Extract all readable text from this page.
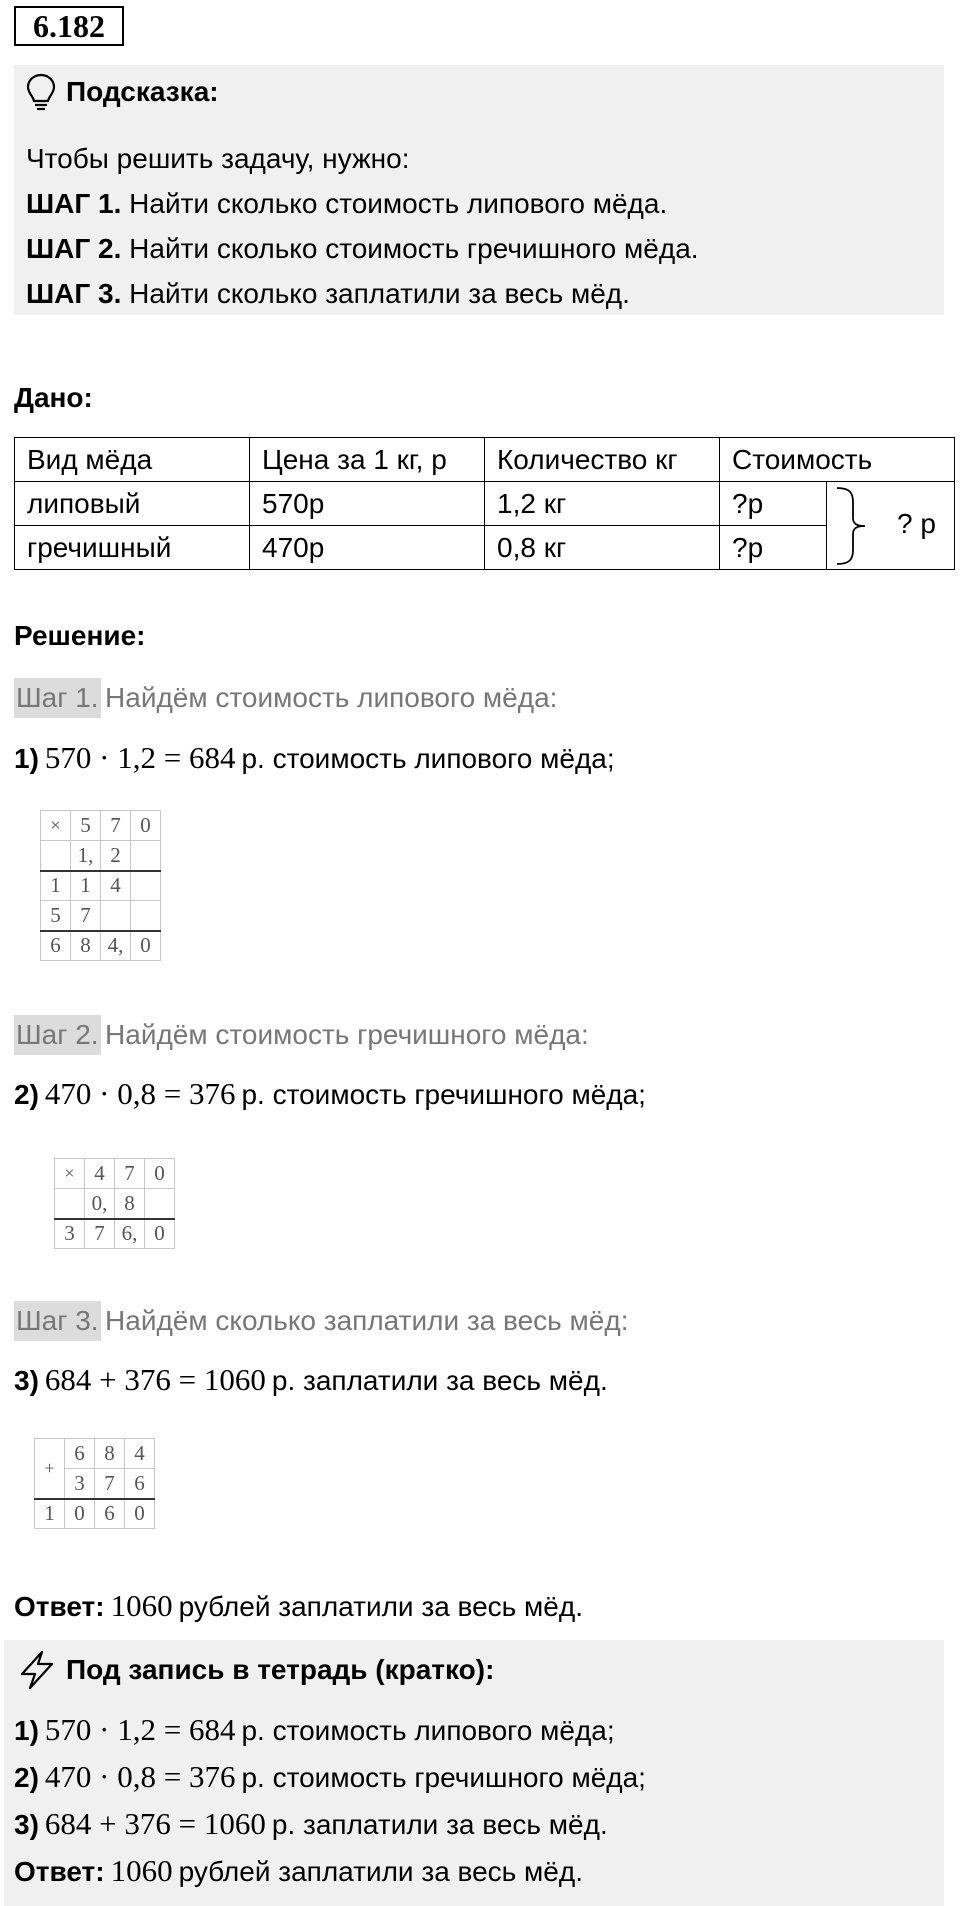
6.182
Подсказка:
Чтобы решить задачу, нужно:
ШАГ 1. Найти сколько стоимость липового мёда.
ШАГ 2. Найти сколько стоимость гречишного мёда.
ШАГ 3. Найти сколько заплатили за весь мёд.
Дано:
Вид мёда	Цена за 1 кг, р	Количество кг	Стоимость	
липовый	570р	1,2 кг	?р	? р

гречишный	470р	0,8 кг	?р	
Решение:
Шаг 1. Найдём стоимость липового мёда:
1) 570 · 1,2 = 684 р. стоимость липового мёда;
×	5	7	0
	1,	2	
1	1	4	
5	7		
6	8	4,	0
Шаг 2. Найдём стоимость гречишного мёда:
2) 470 · 0,8 = 376 р. стоимость гречишного мёда;
×	4	7	0
	0,	8	
3	7	6,	0
Шаг 3. Найдём сколько заплатили за весь мёд:
3) 684 + 376 = 1060 р. заплатили за весь мёд.
+	6	8	4
	3	7	6
1	0	6	0
Ответ: 1060 рублей заплатили за весь мёд.
Под запись в тетрадь (кратко):
1) 570 · 1,2 = 684 р. стоимость липового мёда;
2) 470 · 0,8 = 376 р. стоимость гречишного мёда;
3) 684 + 376 = 1060 р. заплатили за весь мёд.
Ответ: 1060 рублей заплатили за весь мёд.
